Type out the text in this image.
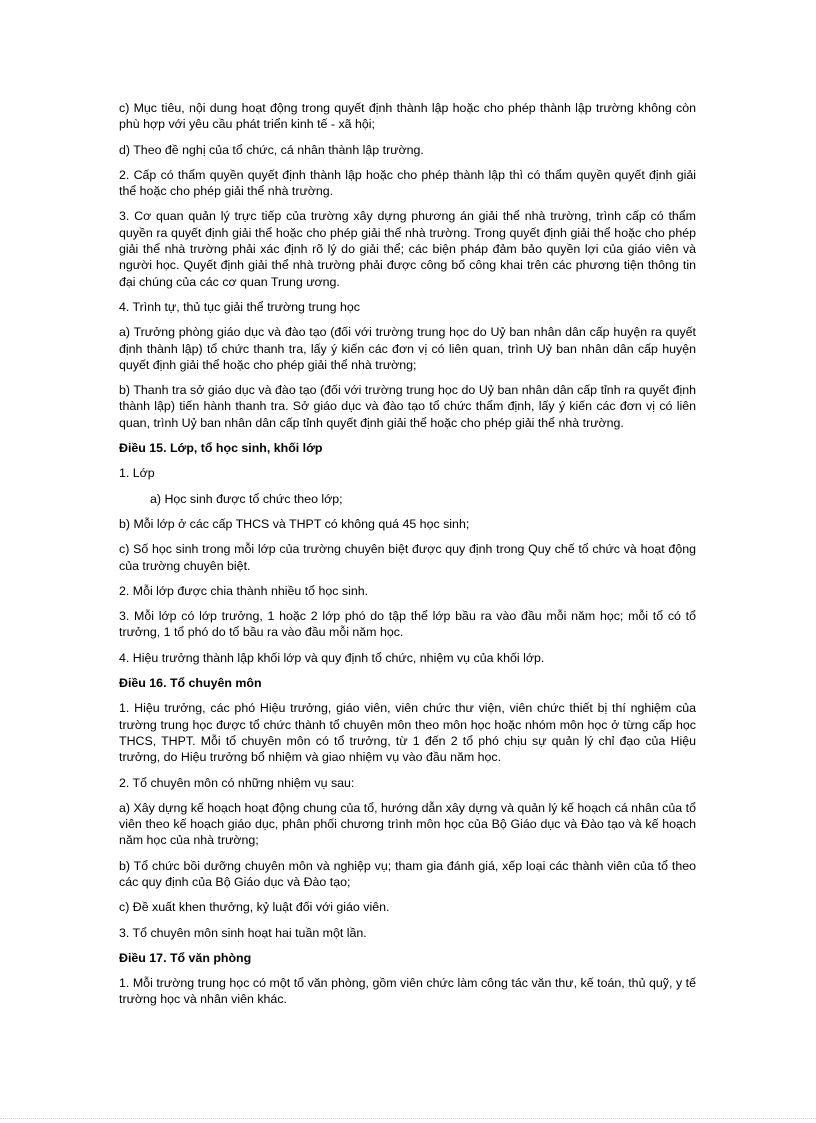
c) Mục tiêu, nội dung hoạt động trong quyết định thành lập hoặc cho phép thành lập trường không còn phù hợp với yêu cầu phát triển kinh tế - xã hội;

d) Theo đề nghị của tổ chức, cá nhân thành lập trường.

2. Cấp có thẩm quyền quyết định thành lập hoặc cho phép thành lập thì có thẩm quyền quyết định giải thể hoặc cho phép giải thể nhà trường.

3. Cơ quan quản lý trực tiếp của trường xây dựng phương án giải thể nhà trường, trình cấp có thẩm quyền ra quyết định giải thể hoặc cho phép giải thể nhà trường. Trong quyết định giải thể hoặc cho phép giải thể nhà trường phải xác định rõ lý do giải thể; các biện pháp đảm bảo quyền lợi của giáo viên và người học. Quyết định giải thể nhà trường phải được công bố công khai trên các phương tiện thông tin đại chúng của các cơ quan Trung ương.

4. Trình tự, thủ tục giải thể trường trung học

a) Trưởng phòng giáo dục và đào tạo (đối với trường trung học do Uỷ ban nhân dân cấp huyện ra quyết định thành lập) tổ chức thanh tra, lấy ý kiến các đơn vị có liên quan, trình Uỷ ban nhân dân cấp huyện quyết định giải thể hoặc cho phép giải thể nhà trường;

b) Thanh tra sở giáo dục và đào tạo (đối với trường trung học do Uỷ ban nhân dân cấp tỉnh ra quyết định thành lập) tiến hành thanh tra. Sở giáo dục và đào tạo tổ chức thẩm định, lấy ý kiến các đơn vị có liên quan, trình Uỷ ban nhân dân cấp tỉnh quyết định giải thể hoặc cho phép giải thể nhà trường.

Điều 15. Lớp, tổ học sinh, khối lớp

1. Lớp

a) Học sinh được tổ chức theo lớp;

b) Mỗi lớp ở các cấp THCS và THPT có không quá 45 học sinh;

c) Số học sinh trong mỗi lớp của trường chuyên biệt được quy định trong Quy chế tổ chức và hoạt động của trường chuyên biệt.

2. Mỗi lớp được chia thành nhiều tổ học sinh.

3. Mỗi lớp có lớp trưởng, 1 hoặc 2 lớp phó do tập thể lớp bầu ra vào đầu mỗi năm học; mỗi tổ có tổ trưởng, 1 tổ phó do tổ bầu ra vào đầu mỗi năm học.

4. Hiệu trưởng thành lập khối lớp và quy định tổ chức, nhiệm vụ của khối lớp.

Điều 16. Tổ chuyên môn

1. Hiệu trưởng, các phó Hiệu trưởng, giáo viên, viên chức thư viện, viên chức thiết bị thí nghiệm của trường trung học được tổ chức thành tổ chuyên môn theo môn học hoặc nhóm môn học ở từng cấp học THCS, THPT. Mỗi tổ chuyên môn có tổ trưởng, từ 1 đến 2 tổ phó chịu sự quản lý chỉ đạo của Hiệu trưởng, do Hiệu trưởng bổ nhiệm và giao nhiệm vụ vào đầu năm học.

2. Tổ chuyên môn có những nhiệm vụ sau:

a) Xây dựng kế hoạch hoạt động chung của tổ, hướng dẫn xây dựng và quản lý kế hoạch cá nhân của tổ viên theo kế hoạch giáo dục, phân phối chương trình môn học của Bộ Giáo dục và Đào tạo và kế hoạch năm học của nhà trường;

b) Tổ chức bồi dưỡng chuyên môn và nghiệp vụ; tham gia đánh giá, xếp loại các thành viên của tổ theo các quy định của Bộ Giáo dục và Đào tạo;

c) Đề xuất khen thưởng, kỷ luật đối với giáo viên.

3. Tổ chuyên môn sinh hoạt hai tuần một lần.

Điều 17. Tổ văn phòng

1. Mỗi trường trung học có một tổ văn phòng, gồm viên chức làm công tác văn thư, kế toán, thủ quỹ, y tế trường học và nhân viên khác.
